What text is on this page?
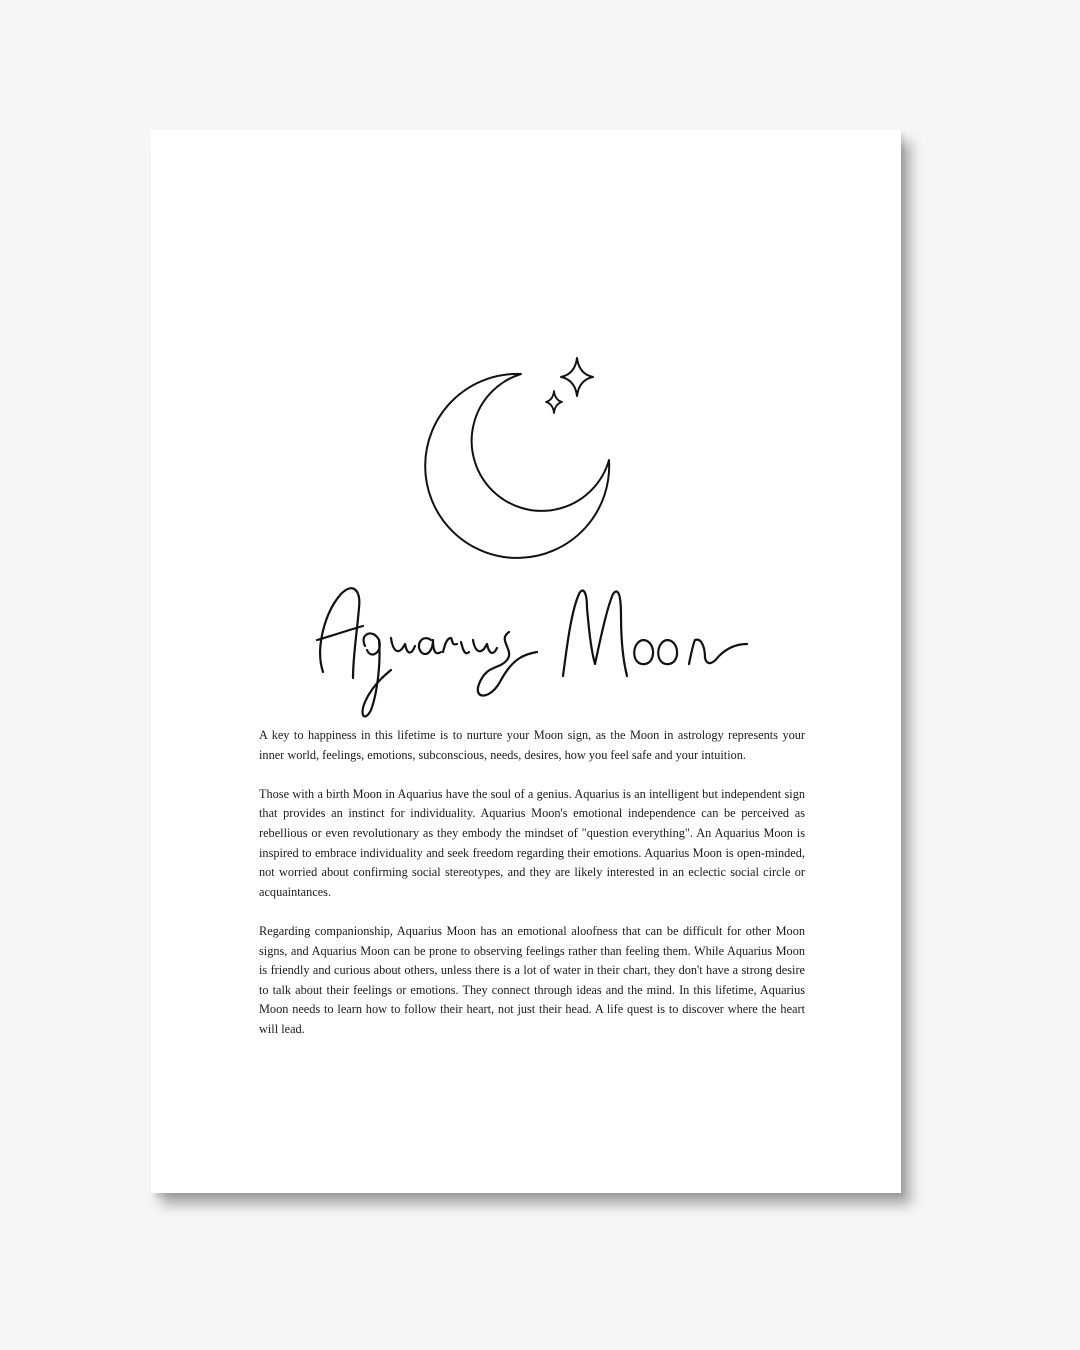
A key to happiness in this lifetime is to nurture your Moon sign, as the Moon in astrology represents your inner world, feelings, emotions, subconscious, needs, desires, how you feel safe and your intuition.

Those with a birth Moon in Aquarius have the soul of a genius. Aquarius is an intelligent but independent sign that provides an instinct for individuality. Aquarius Moon's emotional independence can be perceived as rebellious or even revolutionary as they embody the mindset of "question everything". An Aquarius Moon is inspired to embrace individuality and seek freedom regarding their emotions. Aquarius Moon is open-minded, not worried about confirming social stereotypes, and they are likely interested in an eclectic social circle or acquaintances.

Regarding companionship, Aquarius Moon has an emotional aloofness that can be difficult for other Moon signs, and Aquarius Moon can be prone to observing feelings rather than feeling them. While Aquarius Moon is friendly and curious about others, unless there is a lot of water in their chart, they don't have a strong desire to talk about their feelings or emotions. They connect through ideas and the mind. In this lifetime, Aquarius Moon needs to learn how to follow their heart, not just their head. A life quest is to discover where the heart will lead.
